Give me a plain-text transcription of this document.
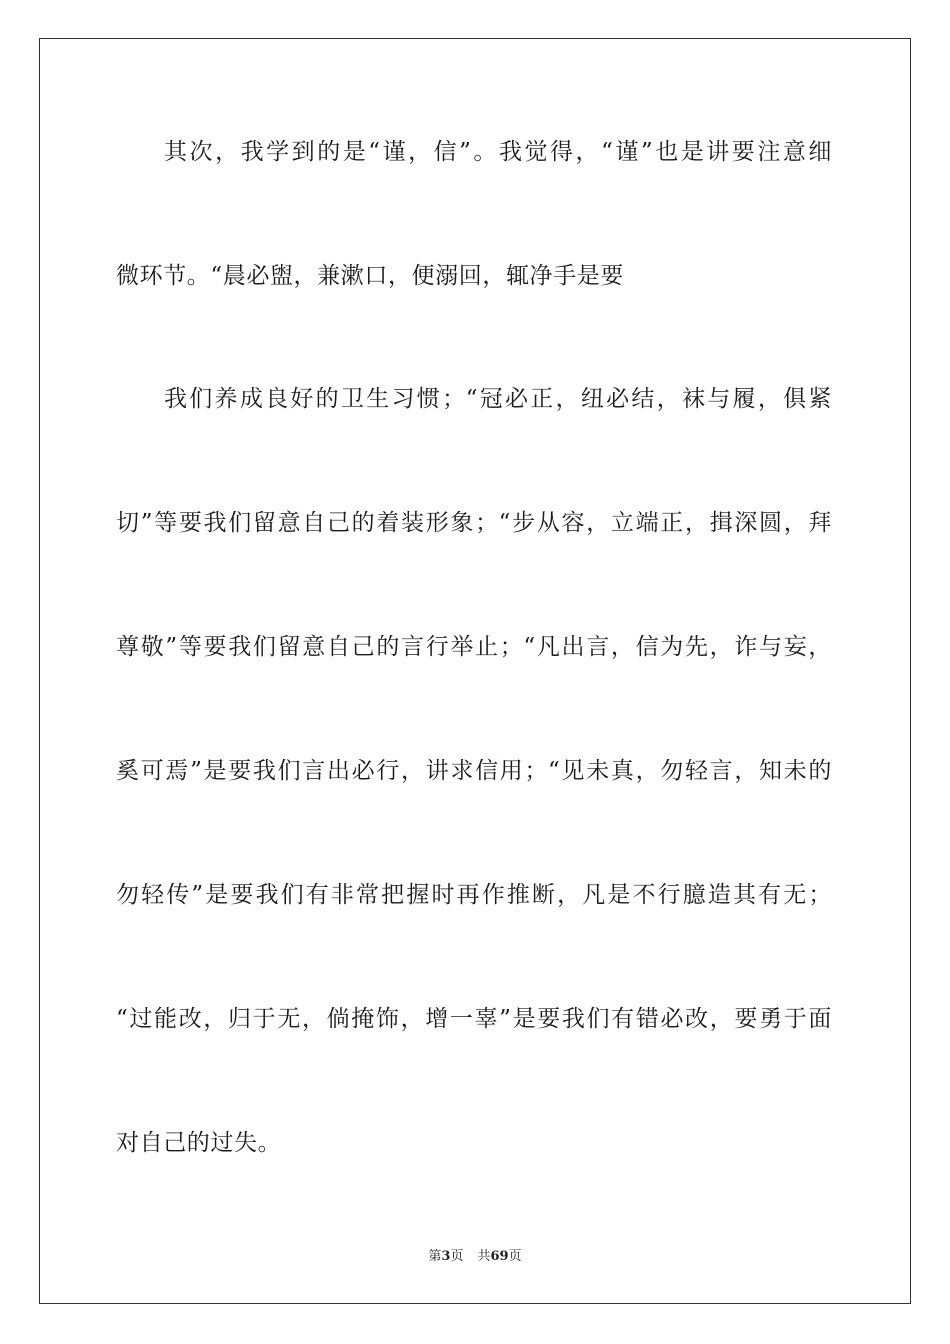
其次，我学到的是“谨，信”。我觉得，“谨”也是讲要注意细
微环节。“晨必盥，兼漱口，便溺回，辄净手是要
我们养成良好的卫生习惯；“冠必正，纽必结，袜与履，俱紧
切”等要我们留意自己的着装形象；“步从容，立端正，揖深圆，拜
尊敬”等要我们留意自己的言行举止；“凡出言，信为先，诈与妄，
奚可焉”是要我们言出必行，讲求信用；“见未真，勿轻言，知未的
勿轻传”是要我们有非常把握时再作推断，凡是不行臆造其有无；
“过能改，归于无，倘掩饰，增一辜”是要我们有错必改，要勇于面
对自己的过失。
第3页 共69页
